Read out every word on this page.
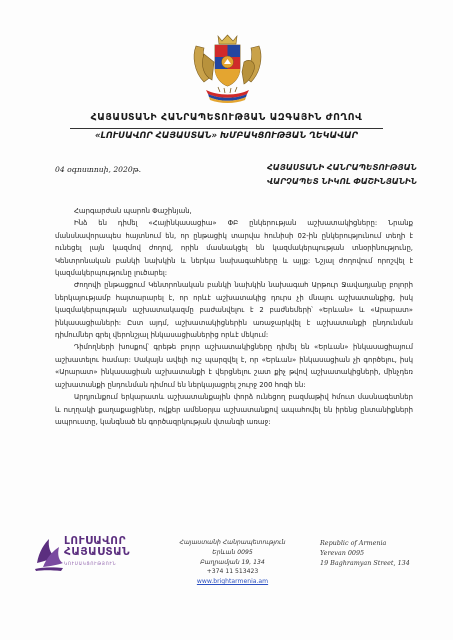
ՀԱՅԱՍՏԱՆԻ ՀԱՆՐԱՊԵՏՈՒԹՅԱՆ ԱԶԳԱՅԻՆ ԺՈՂՈՎ
«ԼՈՒՍԱՎՈՐ ՀԱՅԱՍՏԱՆ» ԽՄԲԱԿՑՈՒԹՅԱՆ ՂԵԿԱՎԱՐ
04 օգոստոսի, 2020թ.	ՀԱՅԱՍՏԱՆԻ ՀԱՆՐԱՊԵՏՈՒԹՅԱՆ
ՎԱՐՉԱՊԵՏ ՆԻԿՈԼ ՓԱՇԻՆՅԱՆԻՆ

Հարգարժան պարոն Փաշինյան,

Ինձ են դիմել «Հայինկասացիա» ՓԲ ընկերության աշխատակիցները: Նրանք մանսնավորապես հայտնում են, որ ընթացիկ տարվա հունիսի 02-ին ընկերությունում տեղի է ունեցել լայն կազմով ժողով, որին մասնակցել են կազմակերպության տնօրինությունը, Կենտրոնական բանկի նախկին և ներկա նախագահները և այլք: Նշյալ ժողովում որոշվել է կազմակերպությունը լուծարել:

Ժողովի ընթացքում Կենտրոնական բանկի նախկին նախագահ Արթուր Ջավադյանը բոլորի ներկայությամբ հայտարարել է, որ որևէ աշխատակից դուրս չի մնալու աշխատանքից, իսկ կազմակերպության աշխատակազմը բաժանվելու է 2 բաժնեմերի՝ «Երևան» և «Արարատ» ինկասացիաների: Ըստ այդմ, աշխատակիցներին առաջարկվել է աշխատանքի ընդունման դիմումներ գրել վերոնշյալ ինկասացիաներից որևէ մեկում:

Դիմողների խոսքով՝ գրեթե բոլոր աշխատակիցները դիմել են «Երևան» ինկասացիայում աշխատելու համար: Սակայն ավելի ուշ պարզվել է, որ «Երևան» ինկասացիան չի գործելու, իսկ «Արարատ» ինկասացիան աշխատանքի է վերցնելու շատ քիչ թվով աշխատակիցների, մինչդեռ աշխատանքի ընդունման դիմում են ներկայացրել շուրջ 200 հոգի են:

Արդյունքում երկարատև աշխատանքային փորձ ունեցող բազմաթիվ հմուտ մասնագետներ և ուղղակի քաղաքացիներ, ովքեր ամենօրյա աշխատանքով ապահովել են իրենց ընտանիքների ապրուստը, կանգնած են գործազրկության վտանգի առաջ:

ԼՈՒՍԱՎՈՐ
ՀԱՅԱՍՏԱՆ
ԿՈՒՍԱԿՑՈՒԹՅՈՒՆ
Հայաստանի Հանրապետություն
Երևան 0095
Բաղրամյան 19, 134
+374 11 513423
www.brightarmenia.am
Republic of Armenia
Yerevan 0095
19 Baghramyan Street, 134
